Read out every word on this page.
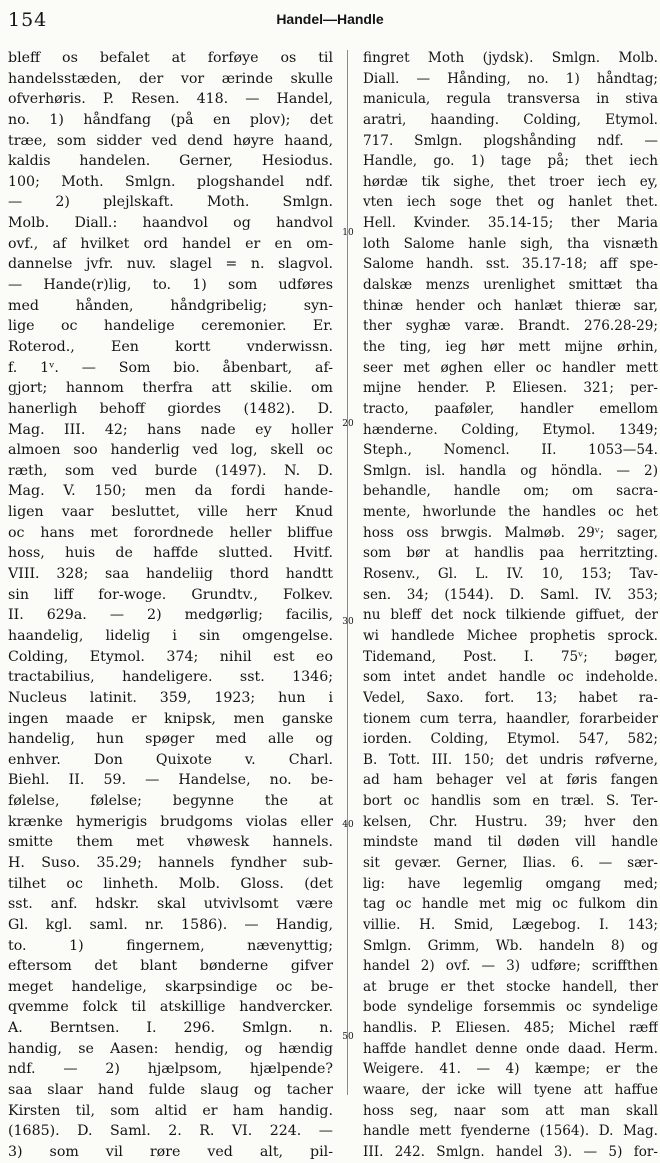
154	Handel—Handle
bleff os befalet at forføye os til
handelsstæden, der vor ærinde skulle
ofverhøris. P. Resen. 418. — Handel,
no. 1) håndfang (på en plov); det
træe, som sidder ved dend høyre haand,
kaldis handelen. Gerner, Hesiodus.
100; Moth. Smlgn. plogshandel ndf.
— 2) plejlskaft. Moth. Smlgn.
Molb. Diall.: haandvol og handvol
ovf., af hvilket ord handel er en om-
dannelse jvfr. nuv. slagel = n. slagvol.
— Hande(r)lig, to. 1) som udføres
med hånden, håndgribelig; syn-
lige oc handelige ceremonier. Er.
Roterod., Een kortt vnderwissn.
f. 1ᵛ. — Som bio. åbenbart, af-
gjort; hannom therfra att skilie. om
hanerligh behoff giordes (1482). D.
Mag. III. 42; hans nade ey holler
almoen soo handerlig ved log, skell oc
ræth, som ved burde (1497). N. D.
Mag. V. 150; men da fordi hande-
ligen vaar besluttet, ville herr Knud
oc hans met forordnede heller bliffue
hoss, huis de haffde slutted. Hvitf.
VIII. 328; saa handeliig thord handtt
sin liff for-woge. Grundtv., Folkev.
II. 629a. — 2) medgørlig; facilis,
haandelig, lidelig i sin omgengelse.
Colding, Etymol. 374; nihil est eo
tractabilius, handeligere. sst. 1346;
Nucleus latinit. 359, 1923; hun i
ingen maade er knipsk, men ganske
handelig, hun spøger med alle og
enhver. Don Quixote v. Charl.
Biehl. II. 59. — Handelse, no. be-
følelse, følelse; begynne the at
krænke hymerigis brudgoms violas eller
smitte them met vhøwesk hannels.
H. Suso. 35.29; hannels fyndher sub-
tilhet oc linheth. Molb. Gloss. (det
sst. anf. hdskr. skal utvivlsomt være
Gl. kgl. saml. nr. 1586). — Handig,
to. 1) fingernem, nævenyttig;
eftersom det blant bønderne gifver
meget handelige, skarpsindige oc be-
qvemme folck til atskillige handvercker.
A. Berntsen. I. 296. Smlgn. n.
handig, se Aasen: hendig, og hændig
ndf. — 2) hjælpsom, hjælpende?
saa slaar hand fulde slaug og tacher
Kirsten til, som altid er ham handig.
(1685). D. Saml. 2. R. VI. 224. —
3) som vil røre ved alt, pil-
10
20
30
40
50
fingret Moth (jydsk). Smlgn. Molb.
Diall. — Hånding, no. 1) håndtag;
manicula, regula transversa in stiva
aratri, haanding. Colding, Etymol.
717. Smlgn. plogshånding ndf. —
Handle, go. 1) tage på; thet iech
hørdæ tik sighe, thet troer iech ey,
vten iech soge thet og hanlet thet.
Hell. Kvinder. 35.14-15; ther Maria
loth Salome hanle sigh, tha visnæth
Salome handh. sst. 35.17-18; aff spe-
dalskæ menzs urenlighet smittæt tha
thinæ hender och hanlæt thieræ sar,
ther syghæ varæ. Brandt. 276.28-29;
the ting, ieg hør mett mijne ørhin,
seer met øghen eller oc handler mett
mijne hender. P. Eliesen. 321; per-
tracto, paaføler, handler emellom
hænderne. Colding, Etymol. 1349;
Steph., Nomencl. II. 1053—54.
Smlgn. isl. handla og höndla. — 2)
behandle, handle om; om sacra-
mente, hworlunde the handles oc het
hoss oss brwgis. Malmøb. 29ᵛ; sager,
som bør at handlis paa herritzting.
Rosenv., Gl. L. IV. 10, 153; Tav-
sen. 34; (1544). D. Saml. IV. 353;
nu bleff det nock tilkiende giffuet, der
wi handlede Michee prophetis sprock.
Tidemand, Post. I. 75ᵛ; bøger,
som intet andet handle oc indeholde.
Vedel, Saxo. fort. 13; habet ra-
tionem cum terra, haandler, forarbeider
iorden. Colding, Etymol. 547, 582;
B. Tott. III. 150; det undris røfverne,
ad ham behager vel at føris fangen
bort oc handlis som en træl. S. Ter-
kelsen, Chr. Hustru. 39; hver den
mindste mand til døden vill handle
sit gevær. Gerner, Ilias. 6. — sær-
lig: have legemlig omgang med;
tag oc handle met mig oc fulkom din
villie. H. Smid, Lægebog. I. 143;
Smlgn. Grimm, Wb. handeln 8) og
handel 2) ovf. — 3) udføre; scriffthen
at bruge er thet stocke handell, ther
bode syndelige forsemmis oc syndelige
handlis. P. Eliesen. 485; Michel ræff
haffde handlet denne onde daad. Herm.
Weigere. 41. — 4) kæmpe; er the
waare, der icke will tyene att haffue
hoss seg, naar som att man skall
handle mett fyenderne (1564). D. Mag.
III. 242. Smlgn. handel 3). — 5) for-
